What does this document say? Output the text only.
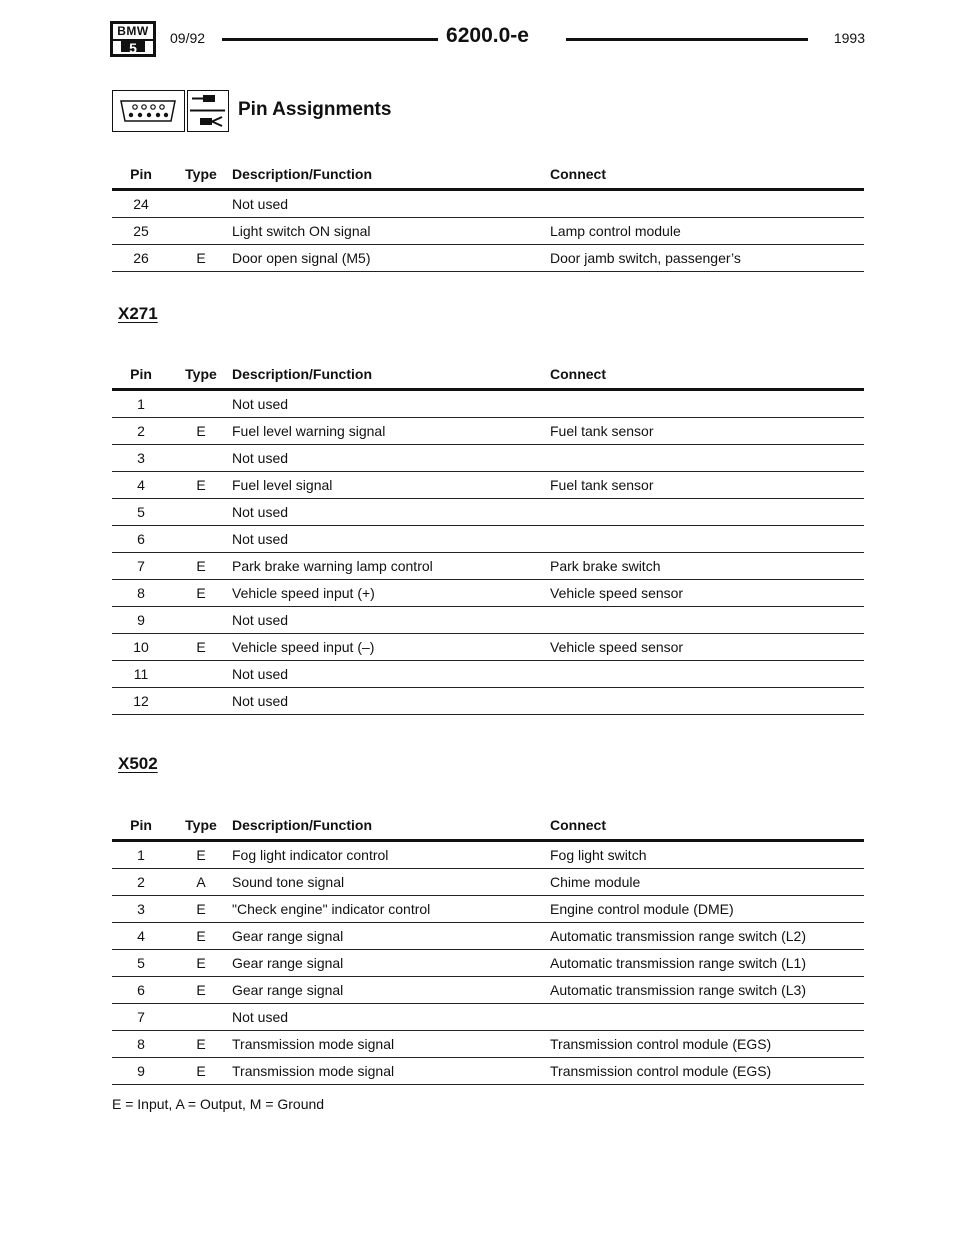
BMW
5
09/92	6200.0-e	1993
Pin Assignments
Pin	Type	Description/Function	Connect
24		Not used	
25		Light switch ON signal	Lamp control module
26	E	Door open signal (M5)	Door jamb switch, passenger’s
X271
Pin	Type	Description/Function	Connect
1		Not used	
2	E	Fuel level warning signal	Fuel tank sensor
3		Not used	
4	E	Fuel level signal	Fuel tank sensor
5		Not used	
6		Not used	
7	E	Park brake warning lamp control	Park brake switch
8	E	Vehicle speed input (+)	Vehicle speed sensor
9		Not used	
10	E	Vehicle speed input (–)	Vehicle speed sensor
11		Not used	
12		Not used	
X502
Pin	Type	Description/Function	Connect
1	E	Fog light indicator control	Fog light switch
2	A	Sound tone signal	Chime module
3	E	"Check engine" indicator control	Engine control module (DME)
4	E	Gear range signal	Automatic transmission range switch (L2)
5	E	Gear range signal	Automatic transmission range switch (L1)
6	E	Gear range signal	Automatic transmission range switch (L3)
7		Not used	
8	E	Transmission mode signal	Transmission control module (EGS)
9	E	Transmission mode signal	Transmission control module (EGS)
E = Input, A = Output, M = Ground
